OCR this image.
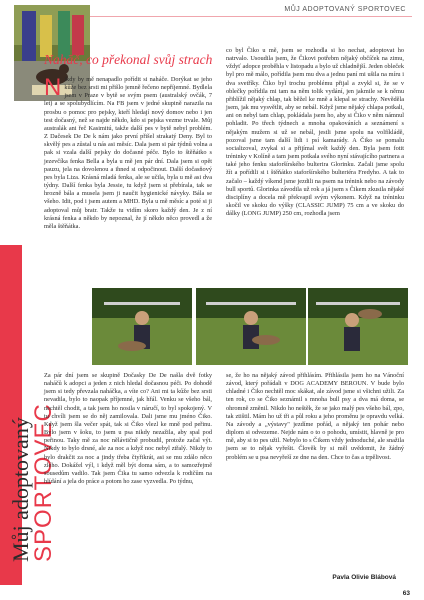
MŮJ ADOPTOVANÝ SPORTOVEC
Nahāč, co překonal svůj strach
N ikdy by mě nenapadlo pořídit si naháče. Dorýkat se jeho kůže bez srsti mi přišlo jemně řečeno nepříjemné. Bydlela jsem v Praze v bytě se svým psem (australský ovčák, 7 let) a se spolubydlícím. Na FB jsem v jedné skupině narazila na prosbu o pomoc pro pejsky, kteří hledají nový domov nebo i jen test dočasný, než se najde někdo, kdo si pejska vezme trvale. Můj australák ani řeč Kasimitú, takže další pes v bytě nebyl problém. Z Dačesek De De k nám jako první přišel strakatý Deny. Byl to skvělý pes a zůstal u nás asi měsíc. Dala jsem si pár týdnů volna a pak si vzala další pejsky do dočasné péče. Bylo to štěňátko s jezevčíka fenka Bella a byla u mě jen pár dní. Dala jsem si opět pauzu, jela na dovolenou a ihned si odpočinout. Další dočasňový pes byla Liza. Krásná mladá fenka, ale se učila, byla u mě asi dva týdny. Další fenka byla Jessie, tu když jsem si přebírala, tak se hrozně bála a musela jsem ji naučit hygienické návyky. Bála se všeho. Idit, pod i jsem autem a MHD. Byla u mě měsíc a poté si ji adoptoval můj bratr. Takže tu vidím skoro každý den. Je z ní krásná fenka a někdo by nepoznal, že jí někdo něco provedl a že měla štěňátka.

co byl Čiko u mě, jsem se rozhodla si ho nechat, adoptovat ho natrvalo. Usoudila jsem, že Čikovi potřebm nějaký občíček na zimu, vždyť adopce proběhla v listopadu a bylo už chladnější. Jeden obleček byl pro mě málo, pořídila jsem mu dva a jednu paní mi ušila na míru i dva svetříky. Čiko byl trochu problému přijal a zvykl si, že se v oblečky pořídila mi tam na něm tolik vydání, jen jakmile se k němu přiblížil nějaký chlap, tak běžel ke mně a klepal se strachy. Nevěděla jsem, jak mu vysvětlit, aby se nebál. Když jsme nějaký chlapa potkali, ani on nebyl tam chlap, pokládala jsem ho, aby si Čiko v něm námnul pohladit. Po třech týdnech a mnoha opakováních a seznámení s nějakým mužem si už se nebál, jestli jsme spolu na volfíkládě, pozoval jsme tam další lidi i psí kamarády. A Čiko se pomalu socializoval, zvykal si a přijímal svět každý den. Byla jsem fotit tréninky v Kolíně a tam jsem potkala svého nyní stávajícího partnera a také jeho fenku staforšírského bulterira Glorinku. Začali jsme spolu žít a pořídili si i štěňátko staforšírského bulteriéra Fredyho. A tak to začalo – každý víkend jsme jezdili na psem na trénink nebo na závody bull sportů. Glorinka závodila už rok a já jsem s Čikem zkusila nějaké disciplíny a docela mě překvapil svým výkonem. Když na tréninku skočil ve skoku do výšky (CLASSIC JUMP) 75 cm a ve skoku do dálky (LONG JUMP) 250 cm, rozhodla jsem

Můj adoptovaný
SPORTOVEC

Za pár dní jsem se skupině Dočasky De De našla dvě fotky naháčů k adopci a jeden z nich hledal dočasnou péči. Po dohodě jsem si tedy převzala naháčka, a víte co? Ani mi ta kůže bez srsti nevadila, bylo to naopak příjemné, jak hřál. Venku se všeho bál, nechtěl chodit, a tak jsem ho nosila v náručí, to byl spokojený. V tu chvíli jsem se do něj zamilovala. Dali jsme mu jméno Čiko. Když jsem šla večer spát, tak si Čiko vlezl ke mně pod peřinu. Bylo jsem v šoku, to jsem u psa nikdy nezažila, aby spal pod peřinou. Taky mě za noc nělávtičně probudil, protože začal výt. Nikdy to bylo drsné, ale za noc a když noc nebyl ztřalý. Nikdy to bylo drakčit za noc a jindy třeba čtyřikrát, asi se mu zdálo něco zlého. Dokážel výl, i když měl být doma sám, a to samozřejmě sousedům vadilo. Tak jsem Čika tu samo odvezla k rodičům na hlídání a jela do práce a potom ho zase vyzvedla. Po týdnu,

se, že ho na nějaký závod přihlásím. Přihlásila jsem ho na Vánoční závod, který pořádali v DOG ACADEMY BEROUN. V bude bylo chladné i Čiko nechtěl moc skákat, ale závod jsme si všichni užili. Za ten rok, co se Čiko seznámil s mnoha bull psy a dva má doma, se ohromně změnil. Nikdo ho neštěk, že se jako malý pes všeho bál, zpo, tak ztištil. Mám ho už tři a půl roku a jeho proměnu je opravdu velká. Na závody a „výstavy" jezdíme pořád, a nějaký ten pohár nebo diplom si odvezeme. Nejde nám o to o pohodu, umístit, hlavně je pro mě, aby si to pes užil. Nebylo to s Čikem vždy jednoduché, ale snažila jsem se to nějak vyřešit. Člověk by si měl uvědomit, že žádný problém se u psa nevyřeší ze dne na den. Chce to čas a trpělivost.

Pavla Olivie Blábová
63
